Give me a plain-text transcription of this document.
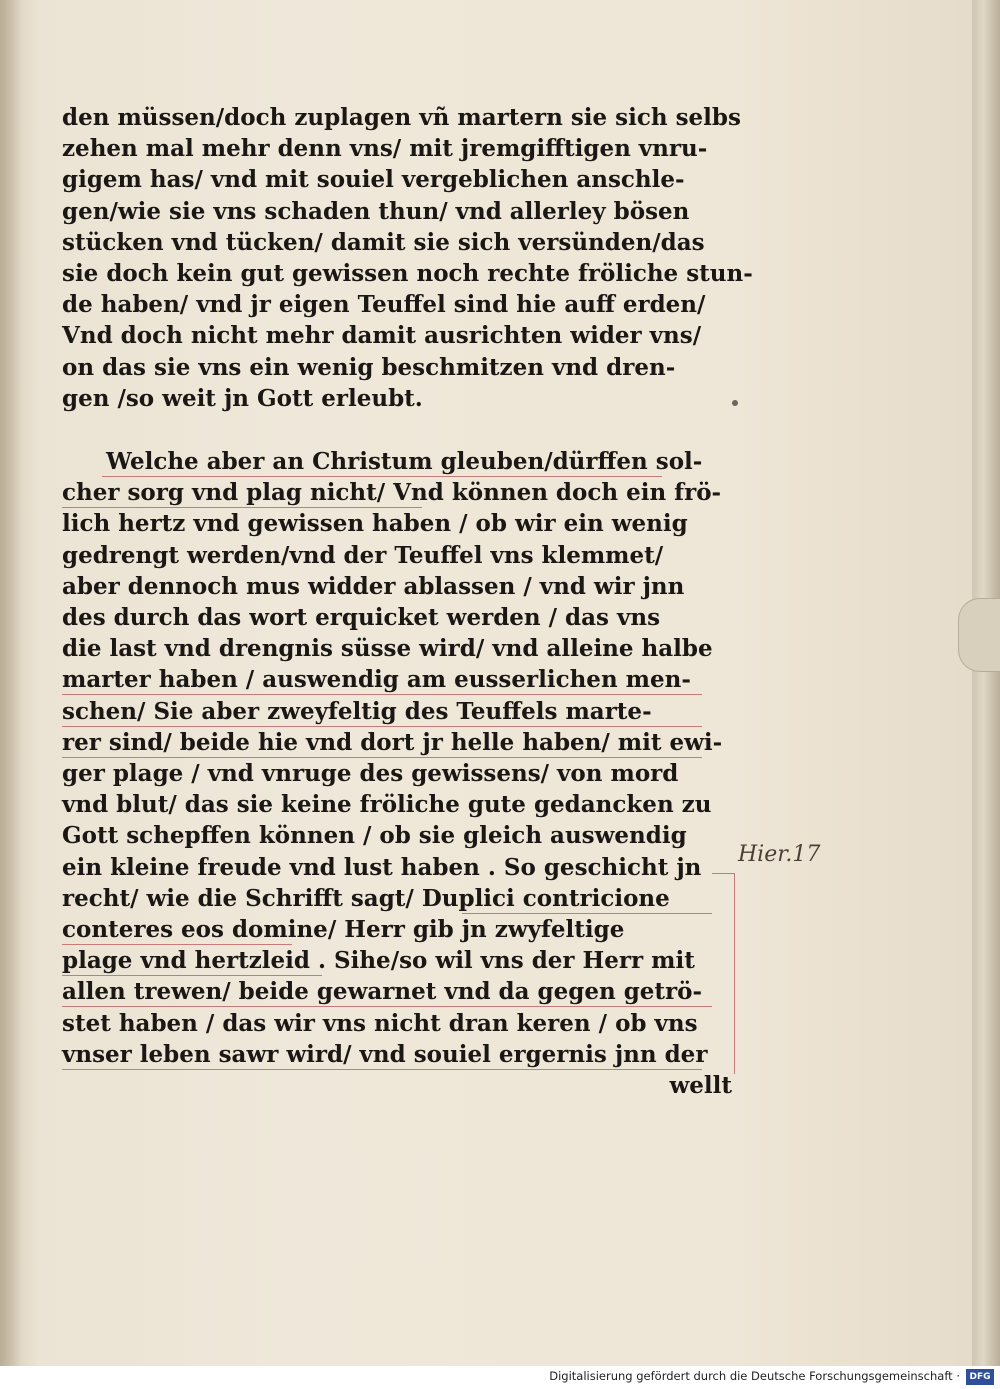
den müssen/doch zuplagen vñ martern sie sich selbs
zehen mal mehr denn vns/ mit jremgifftigen vnru-
gigem has/ vnd mit souiel vergeblichen anschle-
gen/wie sie vns schaden thun/ vnd allerley bösen
stücken vnd tücken/ damit sie sich versünden/das
sie doch kein gut gewissen noch rechte fröliche stun-
de haben/ vnd jr eigen Teuffel sind hie auff erden/
Vnd doch nicht mehr damit ausrichten wider vns/
on das sie vns ein wenig beschmitzen vnd dren-
gen /so weit jn Gott erleubt.
Welche aber an Christum gleuben/dürffen sol-
cher sorg vnd plag nicht/ Vnd können doch ein frö-
lich hertz vnd gewissen haben / ob wir ein wenig
gedrengt werden/vnd der Teuffel vns klemmet/
aber dennoch mus widder ablassen / vnd wir jnn
des durch das wort erquicket werden / das vns
die last vnd drengnis süsse wird/ vnd alleine halbe
marter haben / auswendig am eusserlichen men-
schen/ Sie aber zweyfeltig des Teuffels marte-
rer sind/ beide hie vnd dort jr helle haben/ mit ewi-
ger plage / vnd vnruge des gewissens/ von mord
vnd blut/ das sie keine fröliche gute gedancken zu
Gott schepffen können / ob sie gleich auswendig
ein kleine freude vnd lust haben . So geschicht jn
recht/ wie die Schrifft sagt/ Duplici contricione
conteres eos domine/ Herr gib jn zwyfeltige
plage vnd hertzleid . Sihe/so wil vns der Herr mit
allen trewen/ beide gewarnet vnd da gegen getrö-
stet haben / das wir vns nicht dran keren / ob vns
vnser leben sawr wird/ vnd souiel ergernis jnn der
wellt
Hier.17
Digitalisierung gefördert durch die Deutsche Forschungsgemeinschaft ·	DFG
